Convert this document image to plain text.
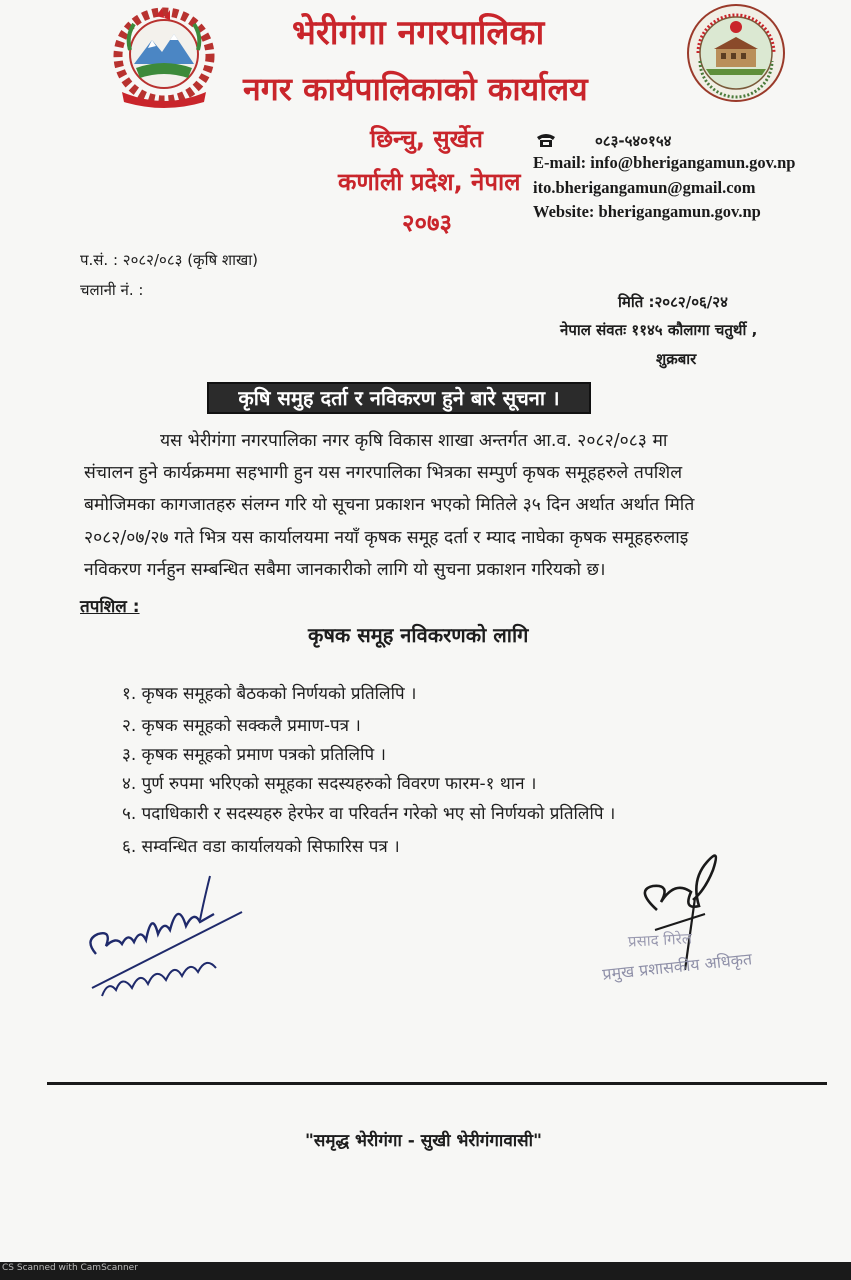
भेरीगंगा नगरपालिका
नगर कार्यपालिकाको कार्यालय
छिन्चु, सुर्खेत
कर्णाली प्रदेश, नेपाल
२०७३
०८३-५४०१५४
E-mail: info@bherigangamun.gov.np
ito.bherigangamun@gmail.com
Website: bherigangamun.gov.np
प.सं. : २०८२/०८३ (कृषि शाखा)
चलानी नं. :
मिति :२०८२/०६/२४
नेपाल संवतः ११४५ कौलागा चतुर्थी ,
शुक्रबार
कृषि समुह दर्ता र नविकरण हुने बारे सूचना ।
यस भेरीगंगा नगरपालिका नगर कृषि विकास शाखा अन्तर्गत आ.व. २०८२/०८३ मा
संचालन हुने कार्यक्रममा सहभागी हुन यस नगरपालिका भित्रका सम्पुर्ण कृषक समूहहरुले तपशिल
बमोजिमका कागजातहरु संलग्न गरि यो सूचना प्रकाशन भएको मितिले ३५ दिन अर्थात अर्थात मिति
२०८२/०७/२७ गते भित्र यस कार्यालयमा नयाँ कृषक समूह दर्ता र म्याद नाघेका कृषक समूहहरुलाइ
नविकरण गर्नहुन सम्बन्धित सबैमा जानकारीको लागि यो सुचना प्रकाशन गरियको छ।
तपशिल :
कृषक समूह नविकरणको लागि
१. कृषक समूहको बैठकको निर्णयको प्रतिलिपि ।
२. कृषक समूहको सक्कलै प्रमाण-पत्र ।
३. कृषक समूहको प्रमाण पत्रको प्रतिलिपि ।
४. पुर्ण रुपमा भरिएको समूहका सदस्यहरुको विवरण फारम-१ थान ।
५. पदाधिकारी र सदस्यहरु हेरफेर वा परिवर्तन गरेको भए सो निर्णयको प्रतिलिपि ।
६. सम्वन्धित वडा कार्यालयको सिफारिस पत्र ।
प्रसाद गिरेल
प्रमुख प्रशासकीय अधिकृत
"समृद्ध भेरीगंगा - सुखी भेरीगंगावासी"
CS Scanned with CamScanner
